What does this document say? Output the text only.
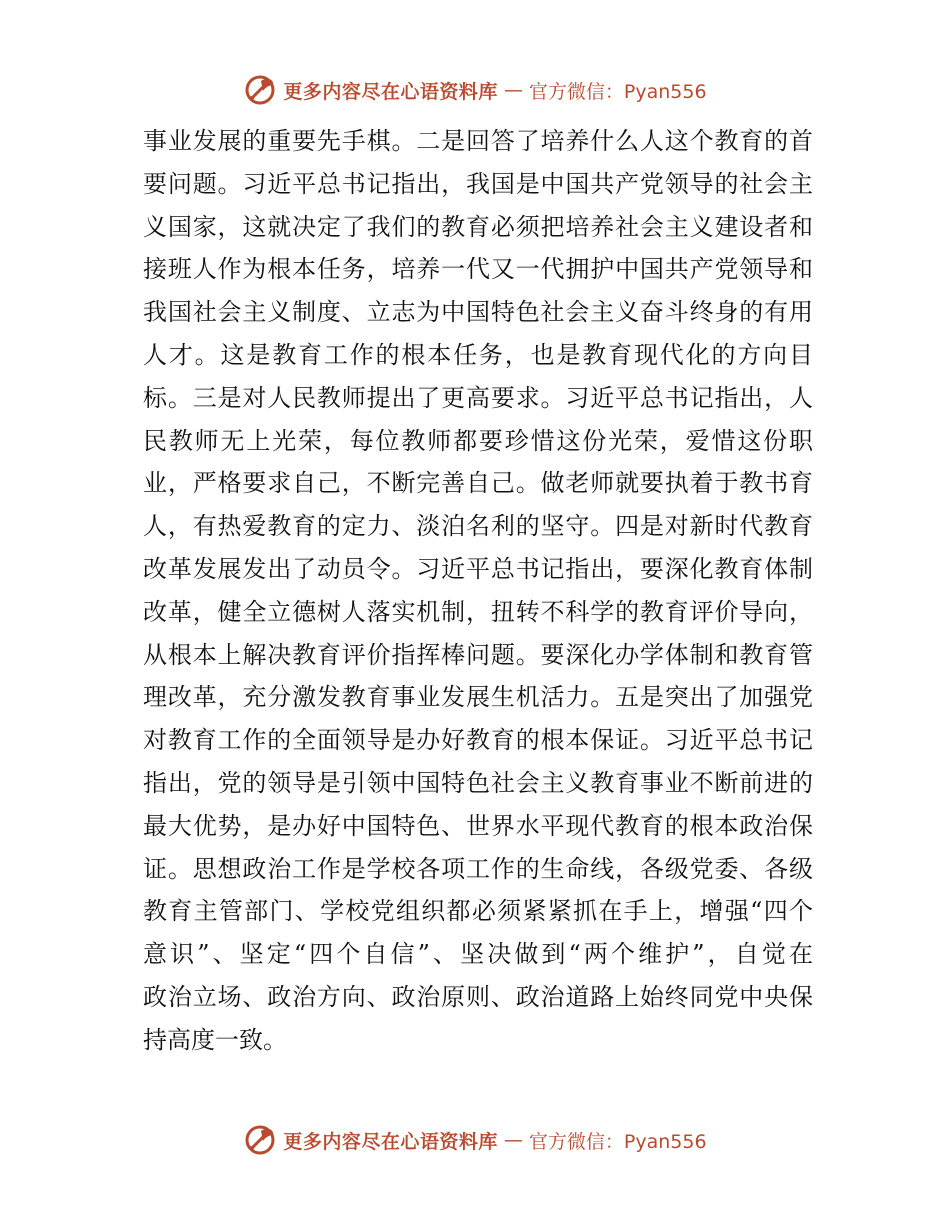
更多内容尽在心语资料库 — 官方微信：Pyan556
事业发展的重要先手棋。二是回答了培养什么人这个教育的首
要问题。习近平总书记指出，我国是中国共产党领导的社会主
义国家，这就决定了我们的教育必须把培养社会主义建设者和
接班人作为根本任务，培养一代又一代拥护中国共产党领导和
我国社会主义制度、立志为中国特色社会主义奋斗终身的有用
人才。这是教育工作的根本任务，也是教育现代化的方向目
标。三是对人民教师提出了更高要求。习近平总书记指出，人
民教师无上光荣，每位教师都要珍惜这份光荣，爱惜这份职
业，严格要求自己，不断完善自己。做老师就要执着于教书育
人，有热爱教育的定力、淡泊名利的坚守。四是对新时代教育
改革发展发出了动员令。习近平总书记指出，要深化教育体制
改革，健全立德树人落实机制，扭转不科学的教育评价导向，
从根本上解决教育评价指挥棒问题。要深化办学体制和教育管
理改革，充分激发教育事业发展生机活力。五是突出了加强党
对教育工作的全面领导是办好教育的根本保证。习近平总书记
指出，党的领导是引领中国特色社会主义教育事业不断前进的
最大优势，是办好中国特色、世界水平现代教育的根本政治保
证。思想政治工作是学校各项工作的生命线，各级党委、各级
教育主管部门、学校党组织都必须紧紧抓在手上，增强“四个
意识”、坚定“四个自信”、坚决做到“两个维护”，自觉在
政治立场、政治方向、政治原则、政治道路上始终同党中央保
持高度一致。
更多内容尽在心语资料库 — 官方微信：Pyan556
